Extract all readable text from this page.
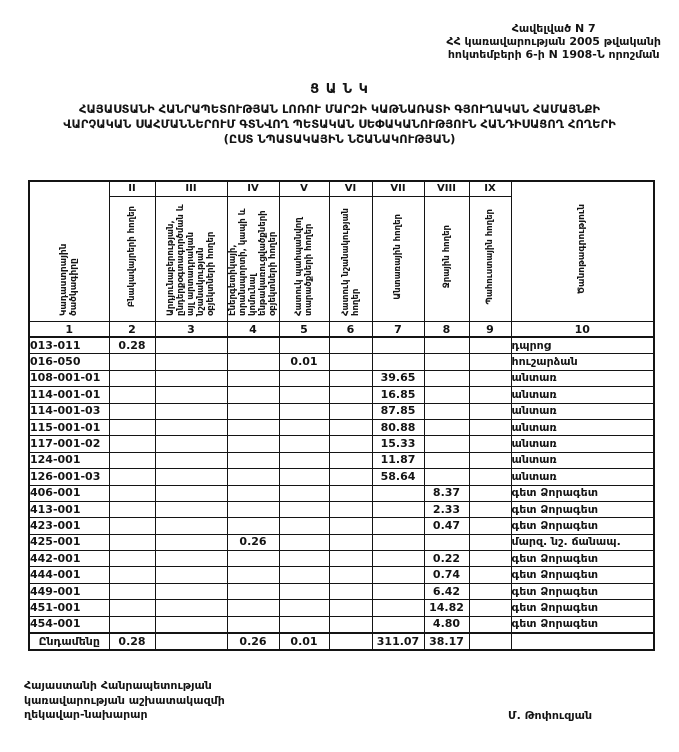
Հավելված N 7
ՀՀ կառավարության 2005 թվականի
հոկտեմբերի 6-ի N 1908-Ն որոշման
Ց Ա Ն Կ
ՀԱՅԱՍՏԱՆԻ ՀԱՆՐԱՊԵՏՈՒԹՅԱՆ ԼՈՌՈՒ ՄԱՐԶԻ ԿԱԹՆԱՌԱՏԻ ԳՅՈՒՂԱԿԱՆ ՀԱՄԱՅՆՔԻ
ՎԱՐՉԱԿԱՆ ՍԱՀՄԱՆՆԵՐՈՒՄ ԳՏՆՎՈՂ ՊԵՏԱԿԱՆ ՍԵՓԱԿԱՆՈՒԹՅՈՒՆ ՀԱՆԴԻՍԱՑՈՂ ՀՈՂԵՐԻ
(ԸՍՏ ՆՊԱՏԱԿԱՅԻՆ ՆՇԱՆԱԿՈՒԹՅԱՆ)
Կադաստրային ծածկագիրը	II	III	IV	V	VI	VII	VIII	IX	Ծանոթագրություն
	Բնակավայրերի հողեր	Արդյունաբերության, ընդերքօգտագործման և այլ արտադրական նշանակության օբյեկտների հողեր	Էներգետիկայի, տրանսպորտի, կապի և կոմունալ ենթակառուցվածքների օբյեկտների հողեր	Հատուկ պահպանվող տարածքների հողեր	Հատուկ նշանակության հողեր	Անտառային հողեր	Ջրային հողեր	Պահուստային հողեր	
1	2	3	4	5	6	7	8	9	10
013-011	0.28								դպրոց
016-050				0.01					հուշարձան
108-001-01						39.65			անտառ
114-001-01						16.85			անտառ
114-001-03						87.85			անտառ
115-001-01						80.88			անտառ
117-001-02						15.33			անտառ
124-001						11.87			անտառ
126-001-03						58.64			անտառ
406-001							8.37		գետ Ձորագետ
413-001							2.33		գետ Ձորագետ
423-001							0.47		գետ Ձորագետ
425-001			0.26						մարզ. նշ. ճանապ.
442-001							0.22		գետ Ձորագետ
444-001							0.74		գետ Ձորագետ
449-001							6.42		գետ Ձորագետ
451-001							14.82		գետ Ձորագետ
454-001							4.80		գետ Ձորագետ
Ընդամենը	0.28		0.26	0.01		311.07	38.17		
Հայաստանի Հանրապետության
կառավարության աշխատակազմի
ղեկավար-նախարար	Մ. Թոփուզյան
